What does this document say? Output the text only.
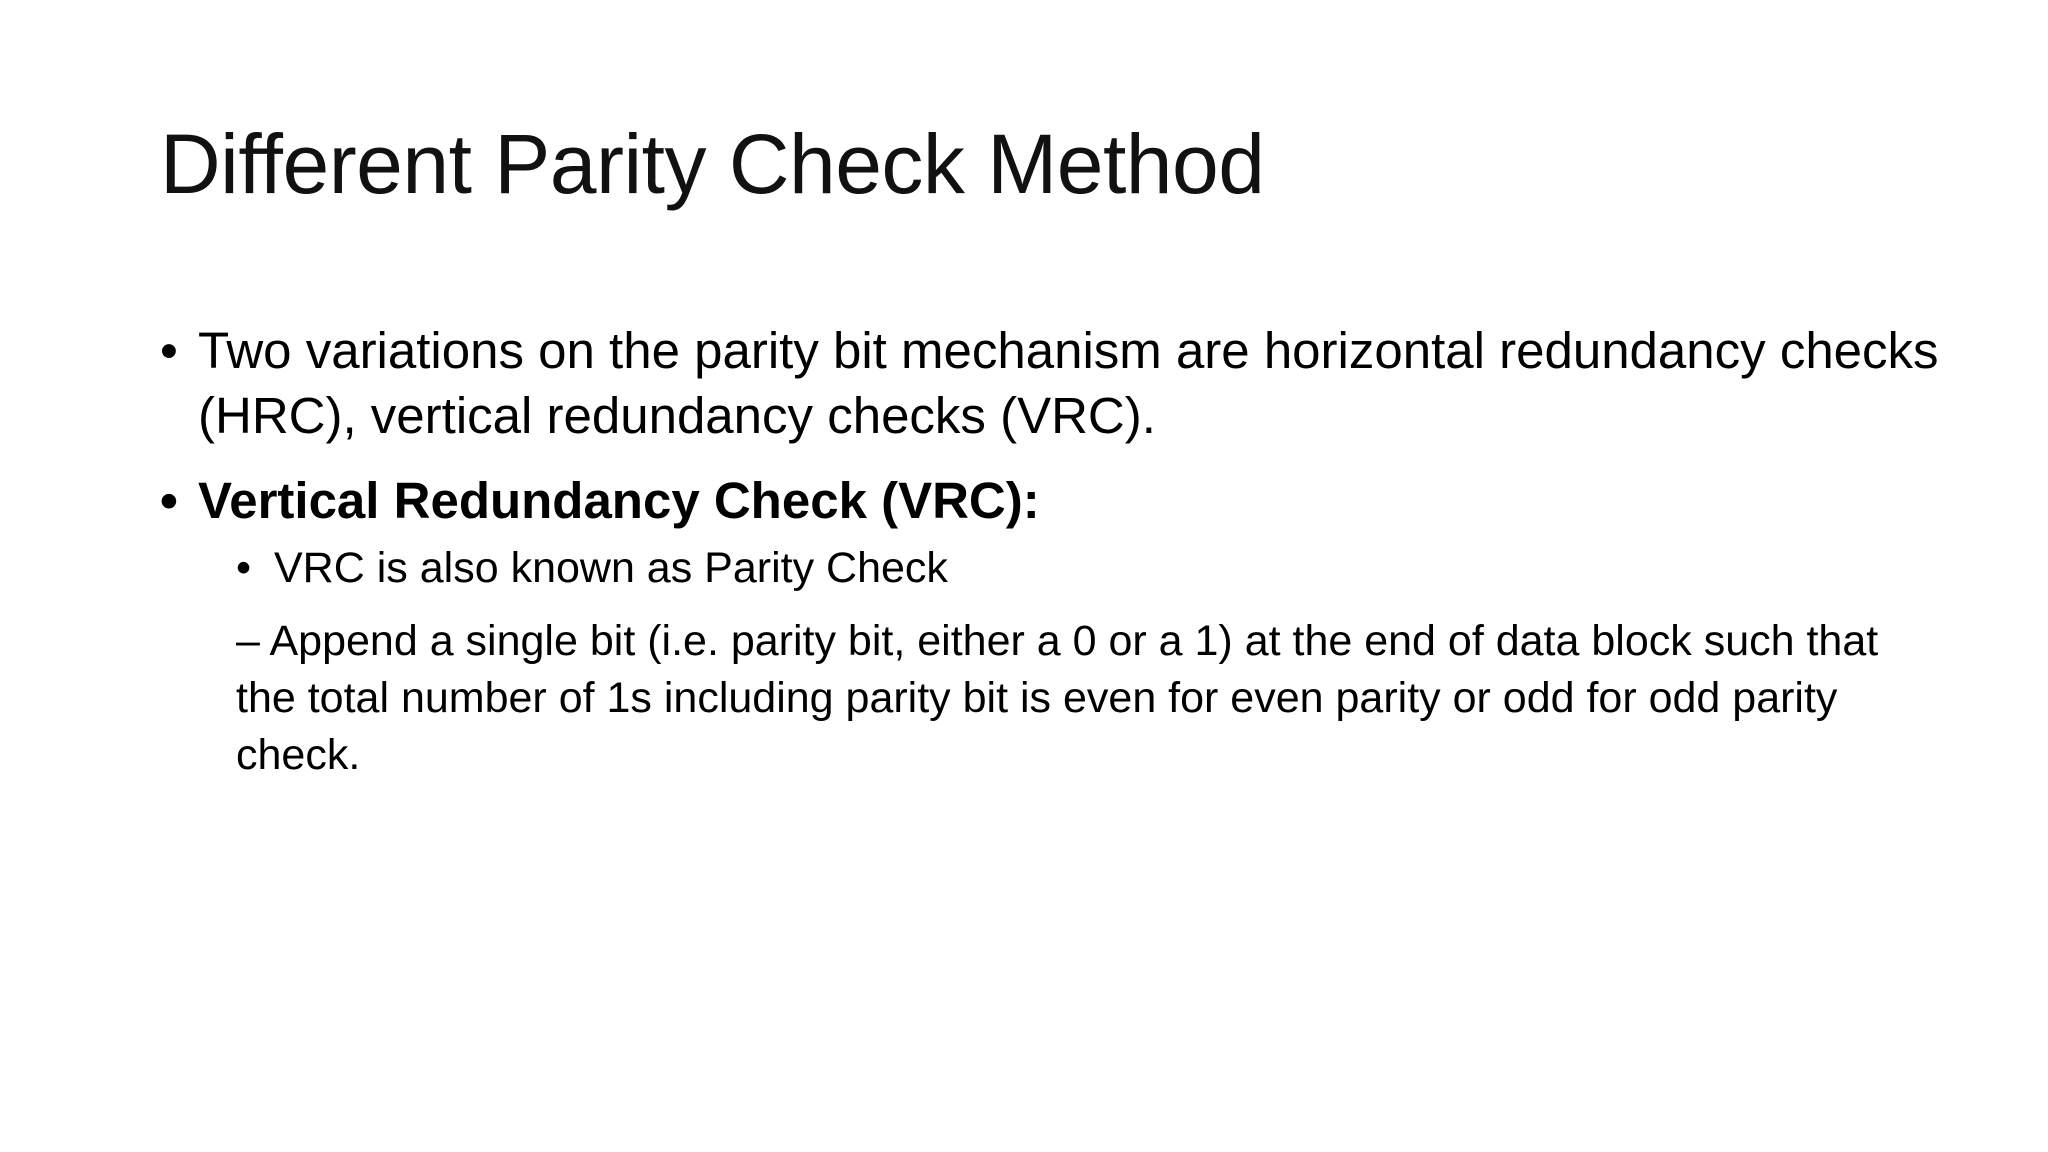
Different Parity Check Method
• Two variations on the parity bit mechanism are horizontal redundancy checks (HRC), vertical redundancy checks (VRC).
• Vertical Redundancy Check (VRC):
• VRC is also known as Parity Check
– Append a single bit (i.e. parity bit, either a 0 or a 1) at the end of data block such that the total number of 1s including parity bit is even for even parity or odd for odd parity check.
